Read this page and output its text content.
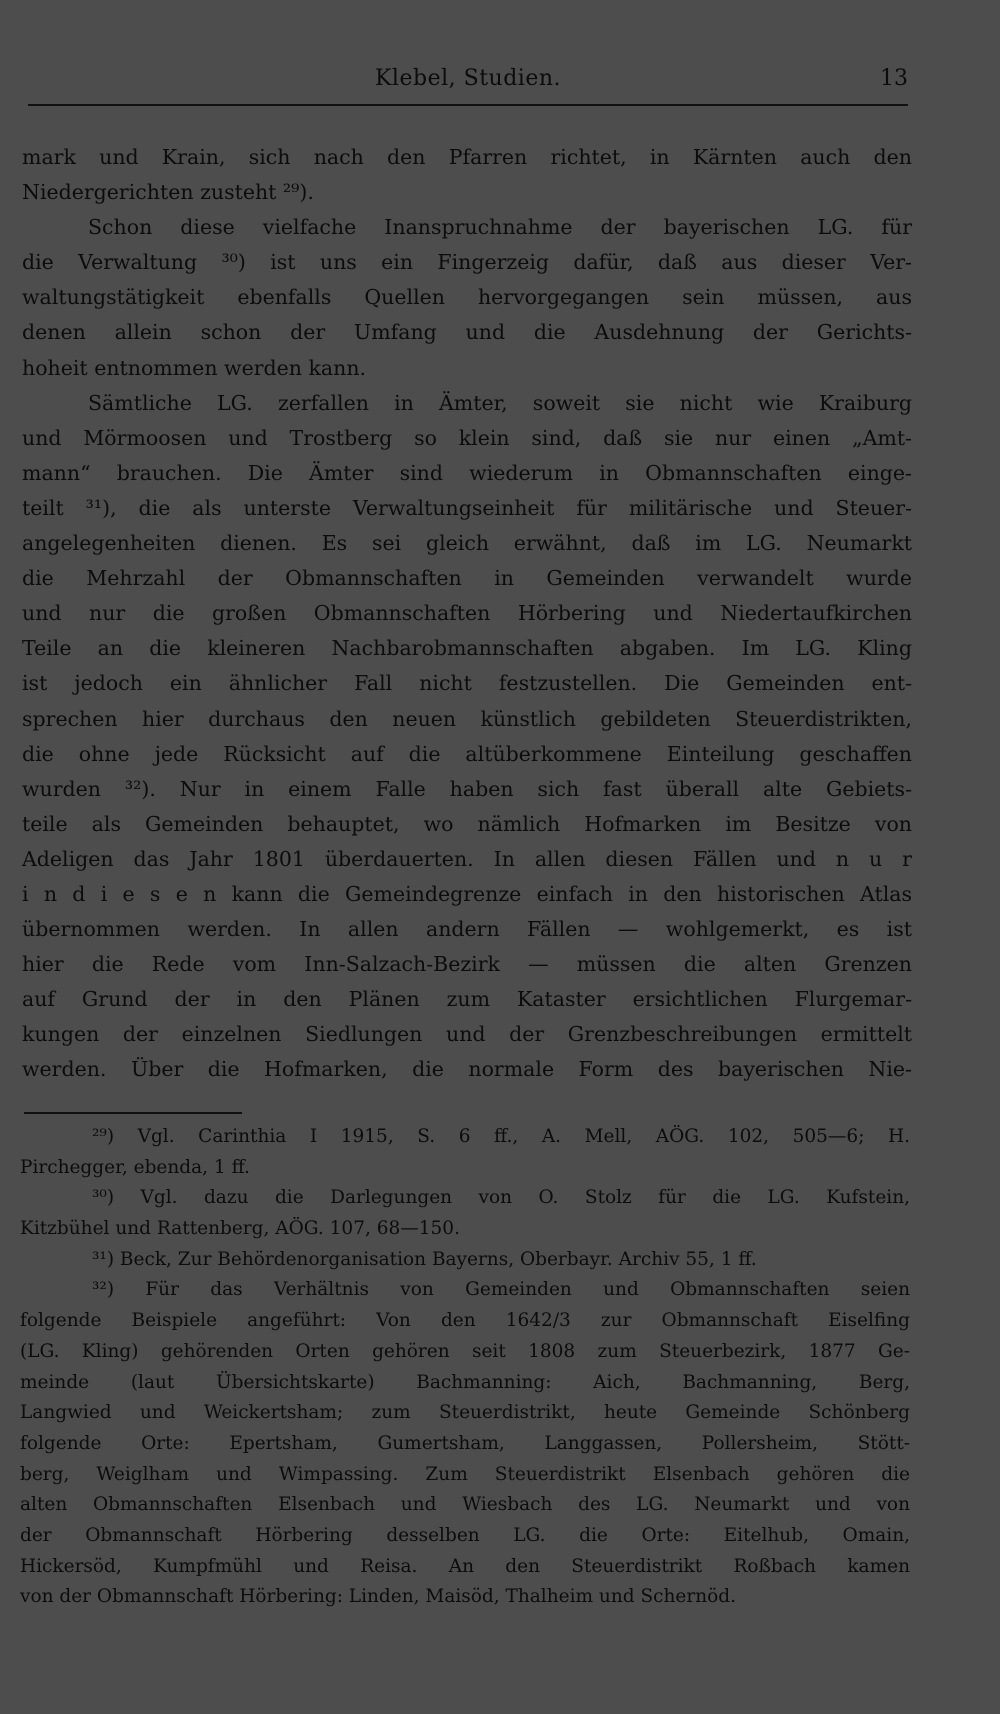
Klebel, Studien.	13
mark und Krain, sich nach den Pfarren richtet, in Kärnten auch den
Niedergerichten zusteht ²⁹).
Schon diese vielfache Inanspruchnahme der bayerischen LG. für
die Verwaltung ³⁰) ist uns ein Fingerzeig dafür, daß aus dieser Ver-
waltungstätigkeit ebenfalls Quellen hervorgegangen sein müssen, aus
denen allein schon der Umfang und die Ausdehnung der Gerichts-
hoheit entnommen werden kann.
Sämtliche LG. zerfallen in Ämter, soweit sie nicht wie Kraiburg
und Mörmoosen und Trostberg so klein sind, daß sie nur einen „Amt-
mann“ brauchen. Die Ämter sind wiederum in Obmannschaften einge-
teilt ³¹), die als unterste Verwaltungseinheit für militärische und Steuer-
angelegenheiten dienen. Es sei gleich erwähnt, daß im LG. Neumarkt
die Mehrzahl der Obmannschaften in Gemeinden verwandelt wurde
und nur die großen Obmannschaften Hörbering und Niedertaufkirchen
Teile an die kleineren Nachbarobmannschaften abgaben. Im LG. Kling
ist jedoch ein ähnlicher Fall nicht festzustellen. Die Gemeinden ent-
sprechen hier durchaus den neuen künstlich gebildeten Steuerdistrikten,
die ohne jede Rücksicht auf die altüberkommene Einteilung geschaffen
wurden ³²). Nur in einem Falle haben sich fast überall alte Gebiets-
teile als Gemeinden behauptet, wo nämlich Hofmarken im Besitze von
Adeligen das Jahr 1801 überdauerten. In allen diesen Fällen und n u r
i n d i e s e n kann die Gemeindegrenze einfach in den historischen Atlas
übernommen werden. In allen andern Fällen — wohlgemerkt, es ist
hier die Rede vom Inn-Salzach-Bezirk — müssen die alten Grenzen
auf Grund der in den Plänen zum Kataster ersichtlichen Flurgemar-
kungen der einzelnen Siedlungen und der Grenzbeschreibungen ermittelt
werden. Über die Hofmarken, die normale Form des bayerischen Nie-
²⁹) Vgl. Carinthia I 1915, S. 6 ff., A. Mell, AÖG. 102, 505—6; H.
Pirchegger, ebenda, 1 ff.
³⁰) Vgl. dazu die Darlegungen von O. Stolz für die LG. Kufstein,
Kitzbühel und Rattenberg, AÖG. 107, 68—150.
³¹) Beck, Zur Behördenorganisation Bayerns, Oberbayr. Archiv 55, 1 ff.
³²) Für das Verhältnis von Gemeinden und Obmannschaften seien
folgende Beispiele angeführt: Von den 1642/3 zur Obmannschaft Eiselfing
(LG. Kling) gehörenden Orten gehören seit 1808 zum Steuerbezirk, 1877 Ge-
meinde (laut Übersichtskarte) Bachmanning: Aich, Bachmanning, Berg,
Langwied und Weickertsham; zum Steuerdistrikt, heute Gemeinde Schönberg
folgende Orte: Epertsham, Gumertsham, Langgassen, Pollersheim, Stött-
berg, Weiglham und Wimpassing. Zum Steuerdistrikt Elsenbach gehören die
alten Obmannschaften Elsenbach und Wiesbach des LG. Neumarkt und von
der Obmannschaft Hörbering desselben LG. die Orte: Eitelhub, Omain,
Hickersöd, Kumpfmühl und Reisa. An den Steuerdistrikt Roßbach kamen
von der Obmannschaft Hörbering: Linden, Maisöd, Thalheim und Schernöd.
